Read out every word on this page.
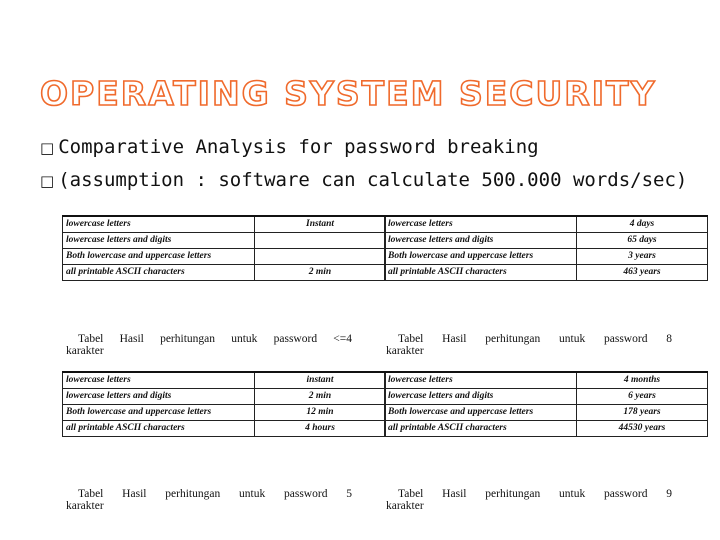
OPERATING SYSTEM SECURITY
□ Comparative Analysis for password breaking
□ (assumption : software can calculate 500.000 words/sec)
lowercase letters	Instant
lowercase letters and digits	
Both lowercase and uppercase letters	
all printable ASCII characters	2 min
Tabel Hasil perhitungan untuk password <=4
karakter
lowercase letters	4 days
lowercase letters and digits	65 days
Both lowercase and uppercase letters	3 years
all printable ASCII characters	463 years
Tabel Hasil perhitungan untuk password 8
karakter
lowercase letters	instant
lowercase letters and digits	2 min
Both lowercase and uppercase letters	12 min
all printable ASCII characters	4 hours
Tabel Hasil perhitungan untuk password 5
karakter
lowercase letters	4 months
lowercase letters and digits	6 years
Both lowercase and uppercase letters	178 years
all printable ASCII characters	44530 years
Tabel Hasil perhitungan untuk password 9
karakter
